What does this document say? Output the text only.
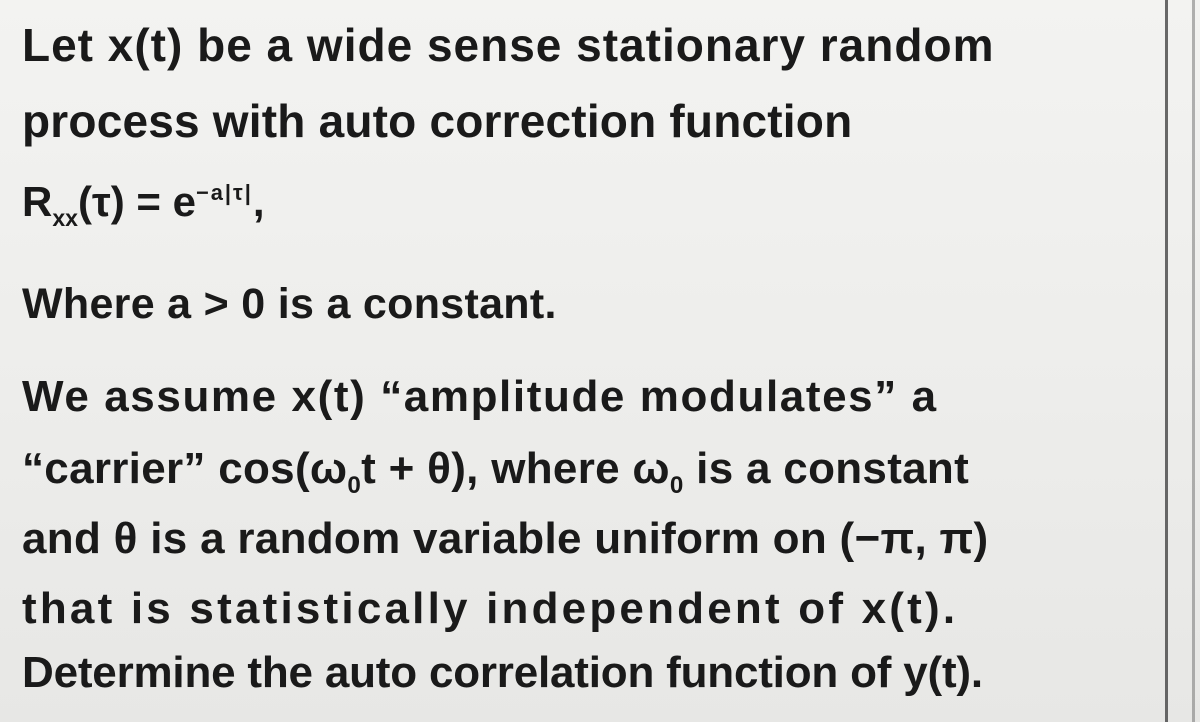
Let x(t) be a wide sense stationary random

process with auto correction function

$R_{xx}(\tau) = e^{-a|\tau|}$,

Where a > 0 is a constant.

We assume x(t) “amplitude modulates” a

“carrier” $\cos(\omega_0t + \theta)$, where $\omega_0$ is a constant

and θ is a random variable uniform on (−π, π)

that is statistically independent of x(t).

Determine the auto correlation function of y(t).
